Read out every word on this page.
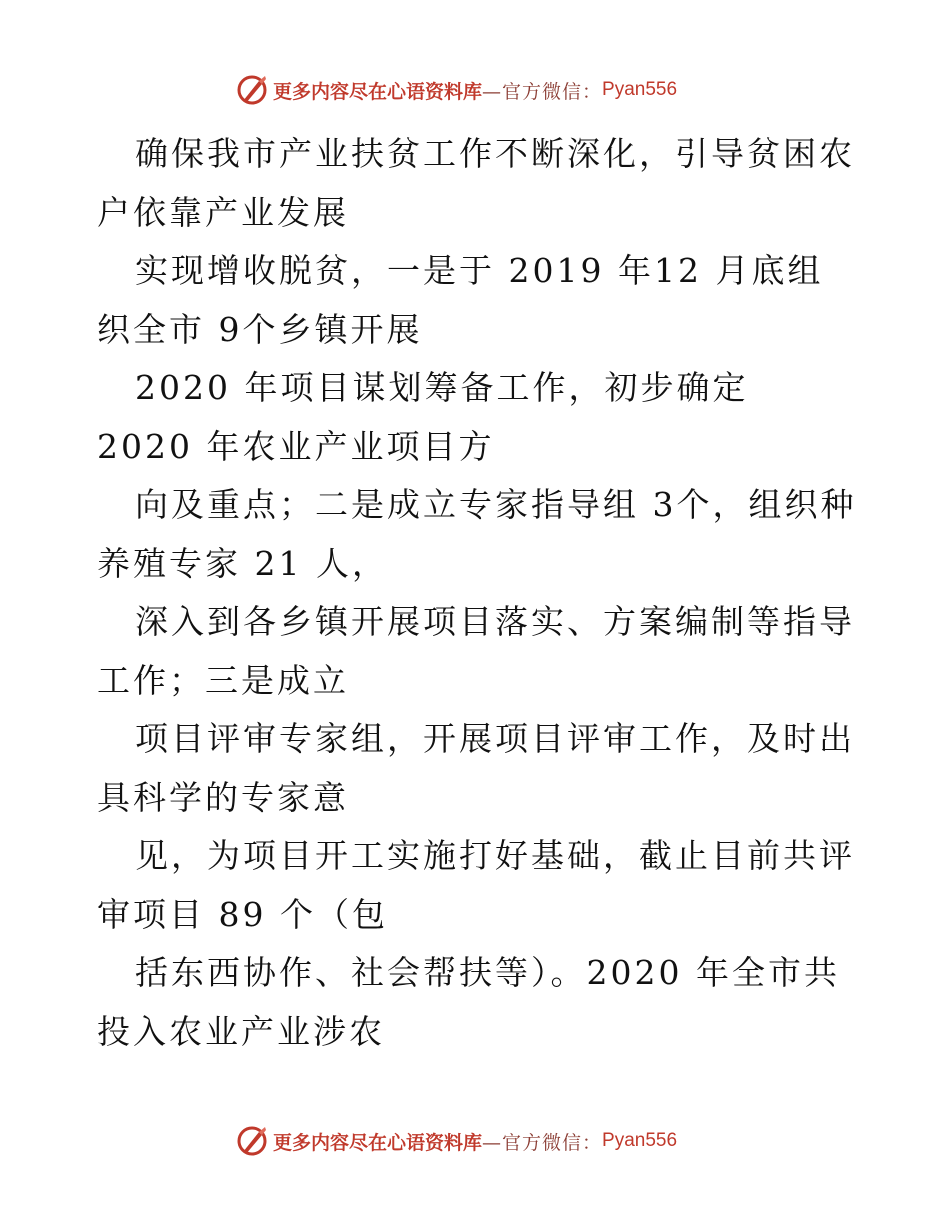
更多内容尽在心语资料库 —官方微信： Pyan556

确保我市产业扶贫工作不断深化，引导贫困农户依靠产业发展

实现增收脱贫，一是于 2019 年12 月底组织全市 9个乡镇开展

2020 年项目谋划筹备工作，初步确定 2020 年农业产业项目方

向及重点；二是成立专家指导组 3个，组织种养殖专家 21 人，

深入到各乡镇开展项目落实、方案编制等指导工作；三是成立

项目评审专家组，开展项目评审工作，及时出具科学的专家意

见，为项目开工实施打好基础，截止目前共评审项目 89 个（包

括东西协作、社会帮扶等）。2020 年全市共投入农业产业涉农

更多内容尽在心语资料库 —官方微信： Pyan556
